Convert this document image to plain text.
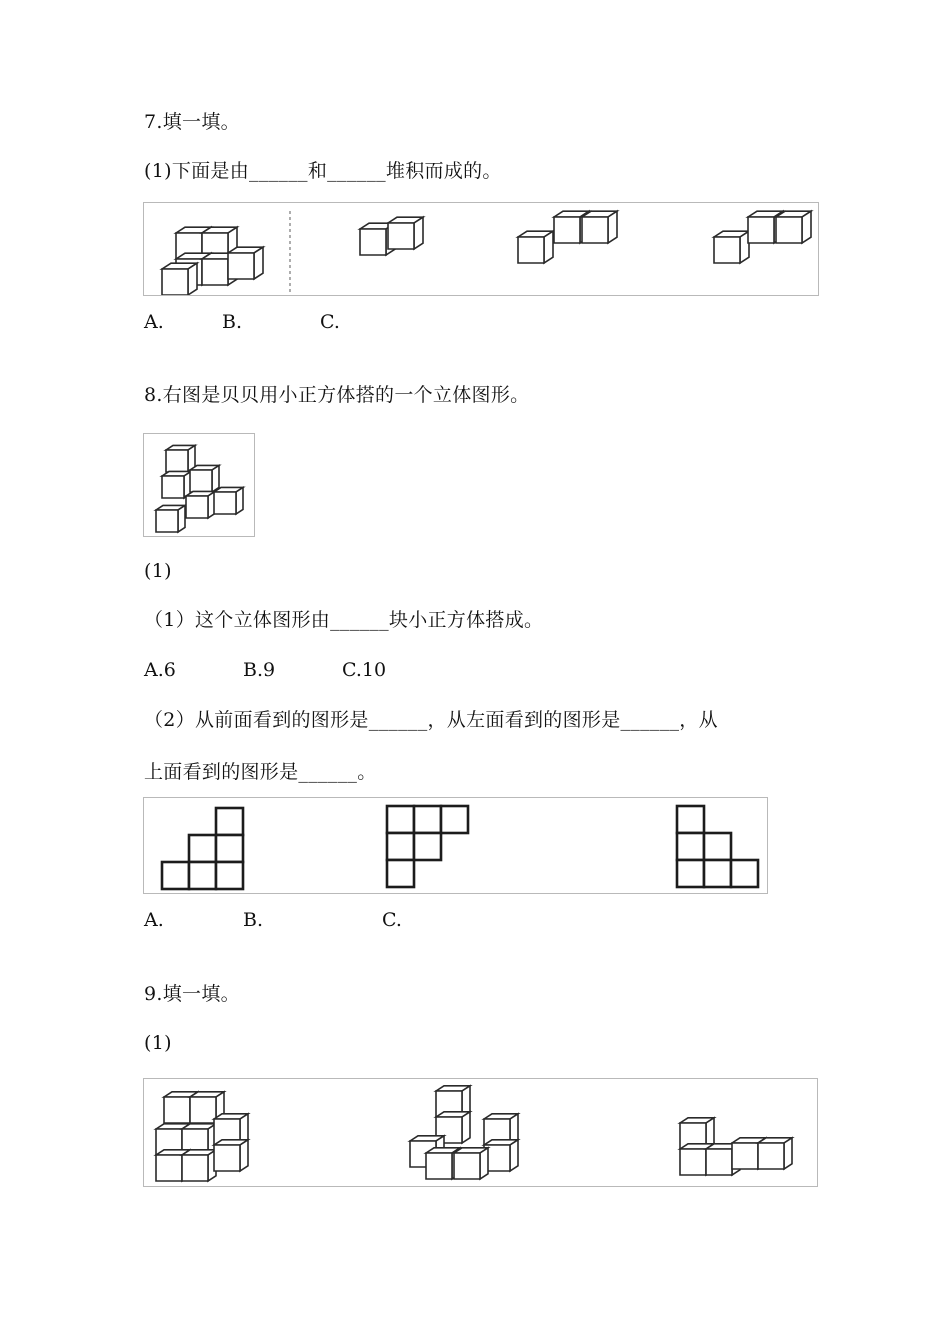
7.填一填。
(1)下面是由______和______堆积而成的。
A.	B.	C.
8.右图是贝贝用小正方体搭的一个立体图形。
(1)
（1）这个立体图形由______块小正方体搭成。
A.6	B.9	C.10
（2）从前面看到的图形是______，从左面看到的图形是______，从
上面看到的图形是______。
A.	B.	C.
9.填一填。
(1)
